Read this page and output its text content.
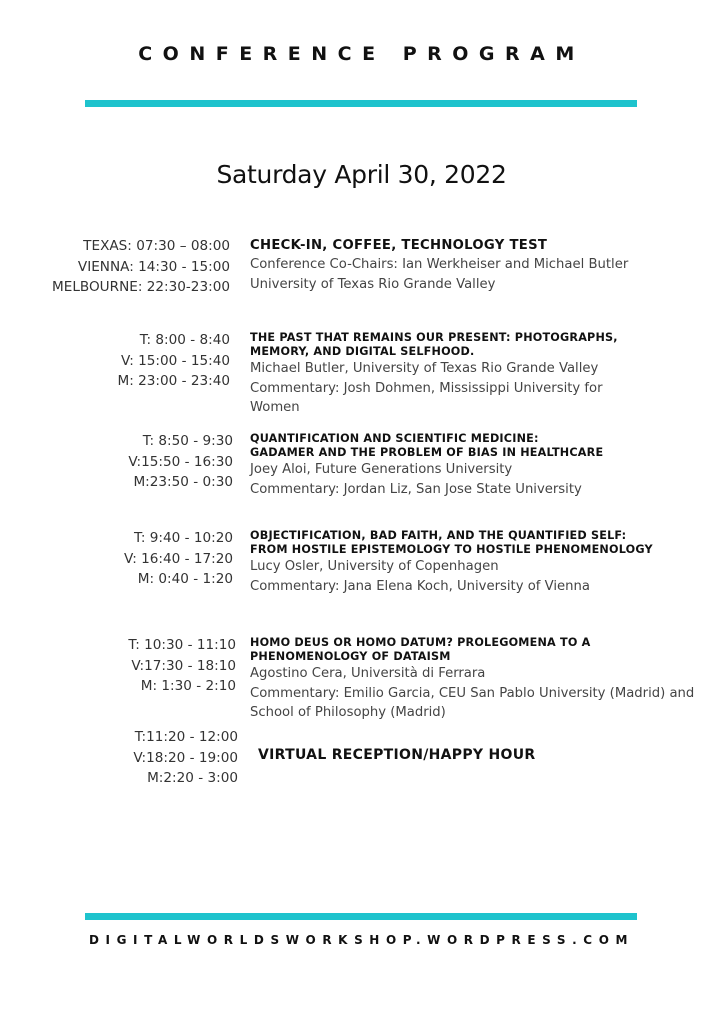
CONFERENCE PROGRAM
Saturday April 30, 2022
TEXAS: 07:30 – 08:00
VIENNA: 14:30 - 15:00
MELBOURNE: 22:30-23:00
CHECK-IN, COFFEE, TECHNOLOGY TEST
Conference Co-Chairs: Ian Werkheiser and Michael Butler
University of Texas Rio Grande Valley
T: 8:00 - 8:40
V: 15:00 - 15:40
M: 23:00 - 23:40
THE PAST THAT REMAINS OUR PRESENT: PHOTOGRAPHS,
MEMORY, AND DIGITAL SELFHOOD.
Michael Butler, University of Texas Rio Grande Valley
Commentary: Josh Dohmen, Mississippi University for
Women
T: 8:50 - 9:30
V:15:50 - 16:30
M:23:50 - 0:30
QUANTIFICATION AND SCIENTIFIC MEDICINE:
GADAMER AND THE PROBLEM OF BIAS IN HEALTHCARE
Joey Aloi, Future Generations University
Commentary: Jordan Liz, San Jose State University
T: 9:40 - 10:20
V: 16:40 - 17:20
M: 0:40 - 1:20
OBJECTIFICATION, BAD FAITH, AND THE QUANTIFIED SELF:
FROM HOSTILE EPISTEMOLOGY TO HOSTILE PHENOMENOLOGY
Lucy Osler, University of Copenhagen
Commentary: Jana Elena Koch, University of Vienna
T: 10:30 - 11:10
V:17:30 - 18:10
M: 1:30 - 2:10
HOMO DEUS OR HOMO DATUM? PROLEGOMENA TO A
PHENOMENOLOGY OF DATAISM
Agostino Cera, Università di Ferrara
Commentary: Emilio Garcia, CEU San Pablo University (Madrid) and
School of Philosophy (Madrid)
T:11:20 - 12:00
V:18:20 - 19:00
M:2:20 - 3:00
VIRTUAL RECEPTION/HAPPY HOUR
DIGITALWORLDSWORKSHOP.WORDPRESS.COM
